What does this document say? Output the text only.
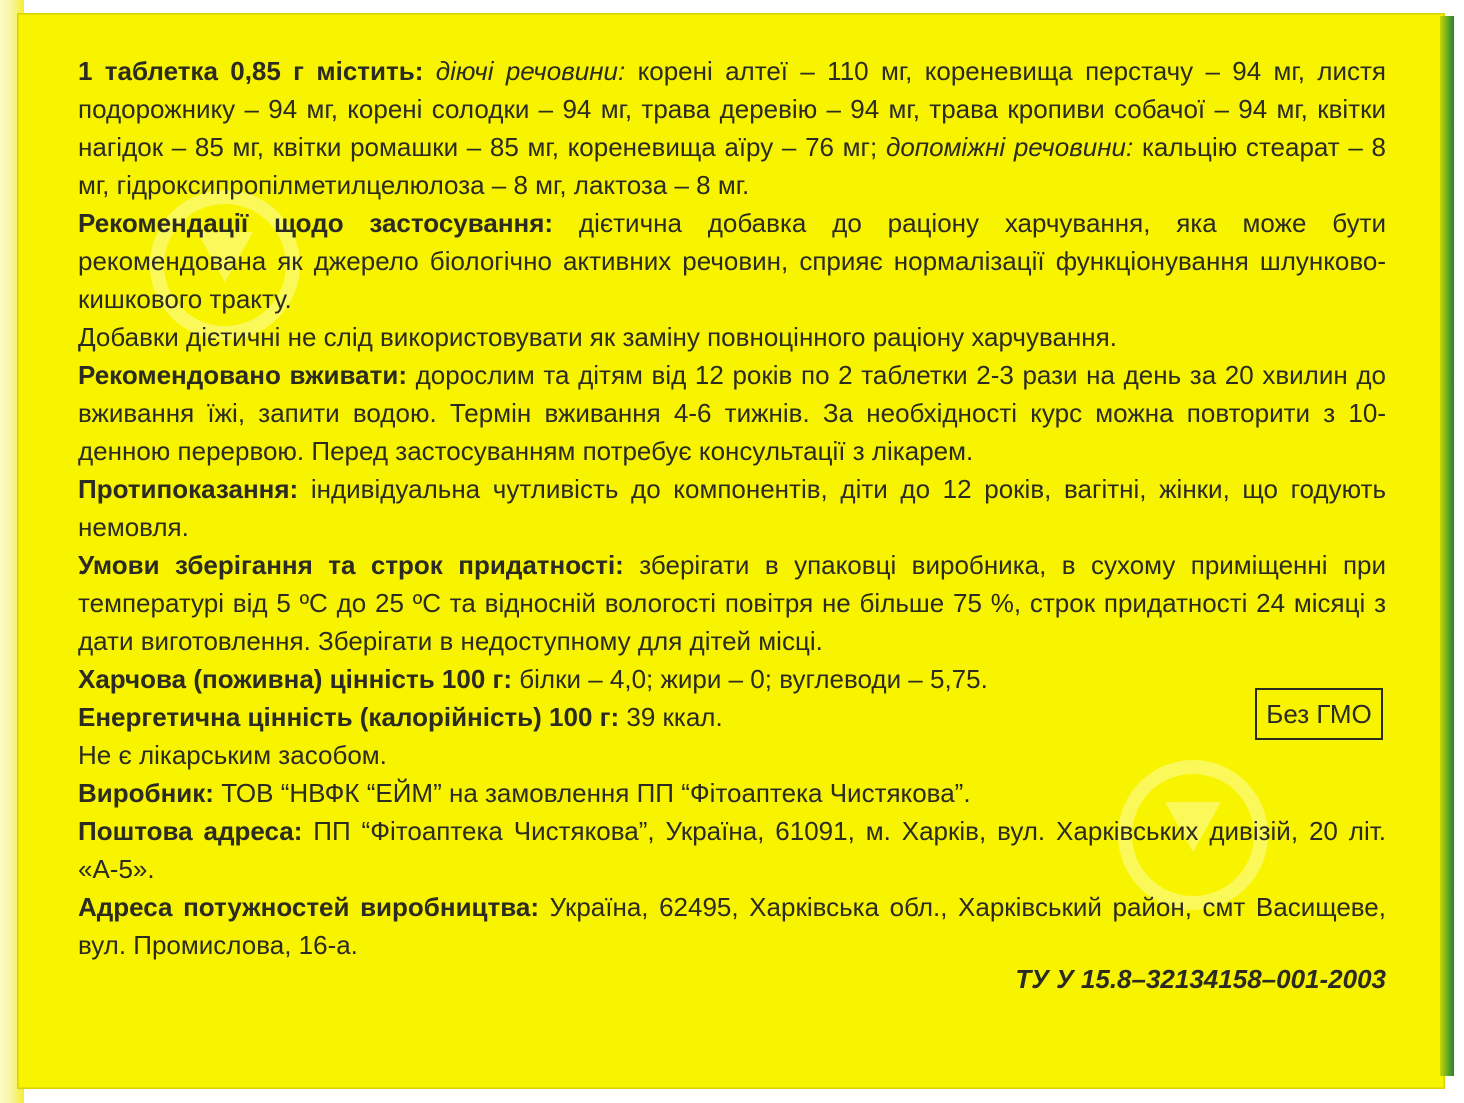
1 таблетка 0,85 г містить: діючі речовини: корені алтеї – 110 мг, кореневища перстачу – 94 мг, листя подорожнику – 94 мг, корені солодки – 94 мг, трава деревію – 94 мг, трава кропиви собачої – 94 мг, квітки нагідок – 85 мг, квітки ромашки – 85 мг, кореневища аїру – 76 мг; допоміжні речовини: кальцію стеарат – 8 мг, гідроксипропілметилцелюлоза – 8 мг, лактоза – 8 мг.

Рекомендації щодо застосування: дієтична добавка до раціону харчування, яка може бути рекомендована як джерело біологічно активних речовин, сприяє нормалізації функціонування шлунково-кишкового тракту.

Добавки дієтичні не слід використовувати як заміну повноцінного раціону харчування.

Рекомендовано вживати: дорослим та дітям від 12 років по 2 таблетки 2-3 рази на день за 20 хвилин до вживання їжі, запити водою. Термін вживання 4-6 тижнів. За необхідності курс можна повторити з 10-денною перервою. Перед застосуванням потребує консультації з лікарем.

Протипоказання: індивідуальна чутливість до компонентів, діти до 12 років, вагітні, жінки, що годують немовля.

Умови зберігання та строк придатності: зберігати в упаковці виробника, в сухому приміщенні при температурі від 5 ºС до 25 ºС та відносній вологості повітря не більше 75 %, строк придатності 24 місяці з дати виготовлення. Зберігати в недоступному для дітей місці.

Харчова (поживна) цінність 100 г: білки – 4,0; жири – 0; вуглеводи – 5,75.

Енергетична цінність (калорійність) 100 г: 39 ккал.

Не є лікарським засобом.

Виробник: ТОВ “НВФК “ЕЙМ” на замовлення ПП “Фітоаптека Чистякова”.

Поштова адреса: ПП “Фітоаптека Чистякова”, Україна, 61091, м. Харків, вул. Харківських дивізій, 20 літ. «А-5».

Адреса потужностей виробництва: Україна, 62495, Харківська обл., Харківський район, смт Васищеве, вул. Промислова, 16-а.

Без ГМО
ТУ У 15.8–32134158–001-2003
